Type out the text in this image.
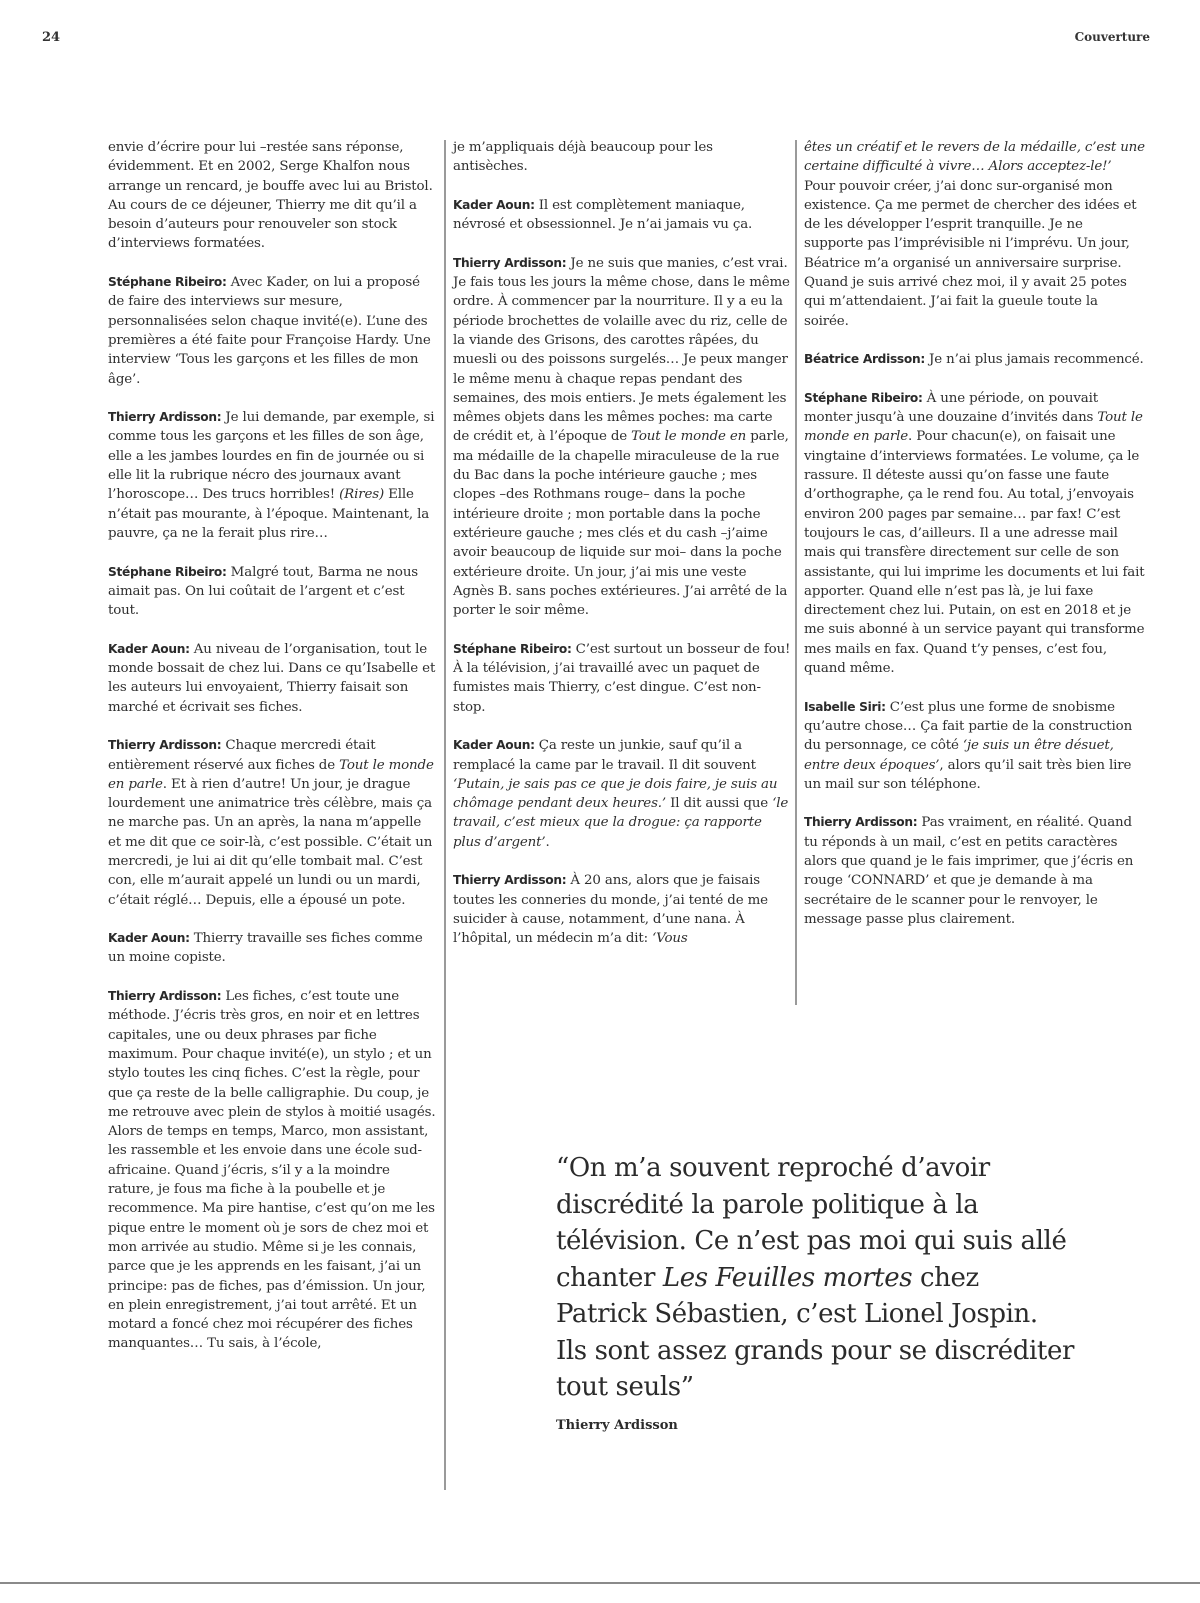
24	Couverture

envie d’écrire pour lui –restée sans réponse, évidemment. Et en 2002, Serge Khalfon nous arrange un rencard, je bouffe avec lui au Bristol. Au cours de ce déjeuner, Thierry me dit qu’il a besoin d’auteurs pour renouveler son stock d’interviews formatées.

Stéphane Ribeiro: Avec Kader, on lui a proposé de faire des interviews sur mesure, personnalisées selon chaque invité(e). L’une des premières a été faite pour Françoise Hardy. Une interview ‘Tous les garçons et les filles de mon âge’.

Thierry Ardisson: Je lui demande, par exemple, si comme tous les garçons et les filles de son âge, elle a les jambes lourdes en fin de journée ou si elle lit la rubrique nécro des journaux avant l’horoscope… Des trucs horribles! (Rires) Elle n’était pas mourante, à l’époque. Maintenant, la pauvre, ça ne la ferait plus rire…

Stéphane Ribeiro: Malgré tout, Barma ne nous aimait pas. On lui coûtait de l’argent et c’est tout.

Kader Aoun: Au niveau de l’organisation, tout le monde bossait de chez lui. Dans ce qu’Isabelle et les auteurs lui envoyaient, Thierry faisait son marché et écrivait ses fiches.

Thierry Ardisson: Chaque mercredi était entièrement réservé aux fiches de Tout le monde en parle. Et à rien d’autre! Un jour, je drague lourdement une animatrice très célèbre, mais ça ne marche pas. Un an après, la nana m’appelle et me dit que ce soir-là, c’est possible. C’était un mercredi, je lui ai dit qu’elle tombait mal. C’est con, elle m’aurait appelé un lundi ou un mardi, c’était réglé… Depuis, elle a épousé un pote.

Kader Aoun: Thierry travaille ses fiches comme un moine copiste.

Thierry Ardisson: Les fiches, c’est toute une méthode. J’écris très gros, en noir et en lettres capitales, une ou deux phrases par fiche maximum. Pour chaque invité(e), un stylo ; et un stylo toutes les cinq fiches. C’est la règle, pour que ça reste de la belle calligraphie. Du coup, je me retrouve avec plein de stylos à moitié usagés. Alors de temps en temps, Marco, mon assistant, les rassemble et les envoie dans une école sud-africaine. Quand j’écris, s’il y a la moindre rature, je fous ma fiche à la poubelle et je recommence. Ma pire hantise, c’est qu’on me les pique entre le moment où je sors de chez moi et mon arrivée au studio. Même si je les connais, parce que je les apprends en les faisant, j’ai un principe: pas de fiches, pas d’émission. Un jour, en plein enregistrement, j’ai tout arrêté. Et un motard a foncé chez moi récupérer des fiches manquantes… Tu sais, à l’école,

je m’appliquais déjà beaucoup pour les antisèches.

Kader Aoun: Il est complètement maniaque, névrosé et obsessionnel. Je n’ai jamais vu ça.

Thierry Ardisson: Je ne suis que manies, c’est vrai. Je fais tous les jours la même chose, dans le même ordre. À commencer par la nourriture. Il y a eu la période brochettes de volaille avec du riz, celle de la viande des Grisons, des carottes râpées, du muesli ou des poissons surgelés… Je peux manger le même menu à chaque repas pendant des semaines, des mois entiers. Je mets également les mêmes objets dans les mêmes poches: ma carte de crédit et, à l’époque de Tout le monde en parle, ma médaille de la chapelle miraculeuse de la rue du Bac dans la poche intérieure gauche ; mes clopes –des Rothmans rouge– dans la poche intérieure droite ; mon portable dans la poche extérieure gauche ; mes clés et du cash –j’aime avoir beaucoup de liquide sur moi– dans la poche extérieure droite. Un jour, j’ai mis une veste Agnès B. sans poches extérieures. J’ai arrêté de la porter le soir même.

Stéphane Ribeiro: C’est surtout un bosseur de fou! À la télévision, j’ai travaillé avec un paquet de fumistes mais Thierry, c’est dingue. C’est non-stop.

Kader Aoun: Ça reste un junkie, sauf qu’il a remplacé la came par le travail. Il dit souvent ‘Putain, je sais pas ce que je dois faire, je suis au chômage pendant deux heures.’ Il dit aussi que ‘le travail, c’est mieux que la drogue: ça rapporte plus d’argent’.

Thierry Ardisson: À 20 ans, alors que je faisais toutes les conneries du monde, j’ai tenté de me suicider à cause, notamment, d’une nana. À l’hôpital, un médecin m’a dit: ‘Vous

êtes un créatif et le revers de la médaille, c’est une certaine difficulté à vivre… Alors acceptez-le!’ Pour pouvoir créer, j’ai donc sur-organisé mon existence. Ça me permet de chercher des idées et de les développer l’esprit tranquille. Je ne supporte pas l’imprévisible ni l’imprévu. Un jour, Béatrice m’a organisé un anniversaire surprise. Quand je suis arrivé chez moi, il y avait 25 potes qui m’attendaient. J’ai fait la gueule toute la soirée.

Béatrice Ardisson: Je n’ai plus jamais recommencé.

Stéphane Ribeiro: À une période, on pouvait monter jusqu’à une douzaine d’invités dans Tout le monde en parle. Pour chacun(e), on faisait une vingtaine d’interviews formatées. Le volume, ça le rassure. Il déteste aussi qu’on fasse une faute d’orthographe, ça le rend fou. Au total, j’envoyais environ 200 pages par semaine… par fax! C’est toujours le cas, d’ailleurs. Il a une adresse mail mais qui transfère directement sur celle de son assistante, qui lui imprime les documents et lui fait apporter. Quand elle n’est pas là, je lui faxe directement chez lui. Putain, on est en 2018 et je me suis abonné à un service payant qui transforme mes mails en fax. Quand t’y penses, c’est fou, quand même.

Isabelle Siri: C’est plus une forme de snobisme qu’autre chose… Ça fait partie de la construction du personnage, ce côté ‘je suis un être désuet, entre deux époques’, alors qu’il sait très bien lire un mail sur son téléphone.

Thierry Ardisson: Pas vraiment, en réalité. Quand tu réponds à un mail, c’est en petits caractères alors que quand je le fais imprimer, que j’écris en rouge ‘CONNARD’ et que je demande à ma secrétaire de le scanner pour le renvoyer, le message passe plus clairement.

“On m’a souvent reproché d’avoir discrédité la parole politique à la télévision. Ce n’est pas moi qui suis allé chanter Les Feuilles mortes chez Patrick Sébastien, c’est Lionel Jospin. Ils sont assez grands pour se discréditer tout seuls”
Thierry Ardisson
